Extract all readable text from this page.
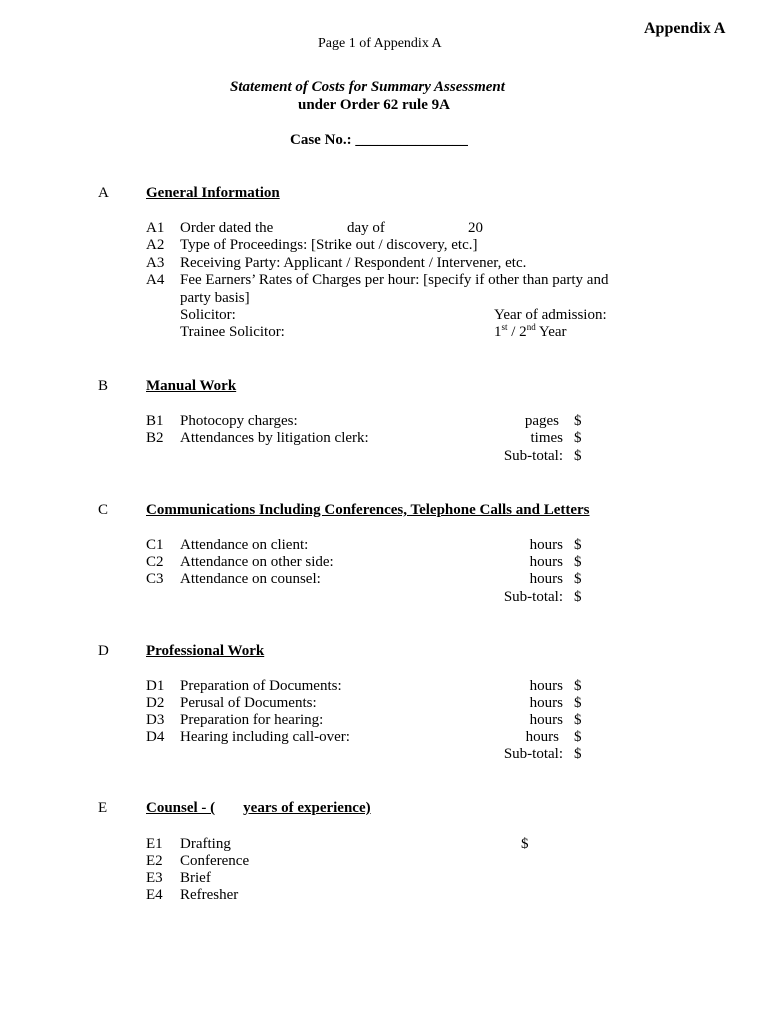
Appendix A
Page 1 of Appendix A
Statement of Costs for Summary Assessment
under Order 62 rule 9A
Case No.: _______________
A General Information
A1 Order dated the	day of	20
A2 Type of Proceedings: [Strike out / discovery, etc.]
A3 Receiving Party: Applicant / Respondent / Intervener, etc.
A4 Fee Earners’ Rates of Charges per hour: [specify if other than party and
party basis]
Solicitor:	Year of admission:
Trainee Solicitor:	1st / 2nd Year
B	Manual Work
B1 Photocopy charges:	pages $
B2 Attendances by litigation clerk:	times $
Sub-total: $
C	Communications Including Conferences, Telephone Calls and Letters
C1 Attendance on client:	hours $
C2 Attendance on other side:	hours $
C3 Attendance on counsel:	hours $
Sub-total: $
D Professional Work
D1 Preparation of Documents:	hours $
D2 Perusal of Documents:	hours $
D3 Preparation for hearing:	hours $
D4 Hearing including call-over:	hours $
Sub-total: $
E	Counsel - ( years of experience)
E1 Drafting	$
E2 Conference
E3 Brief
E4 Refresher
